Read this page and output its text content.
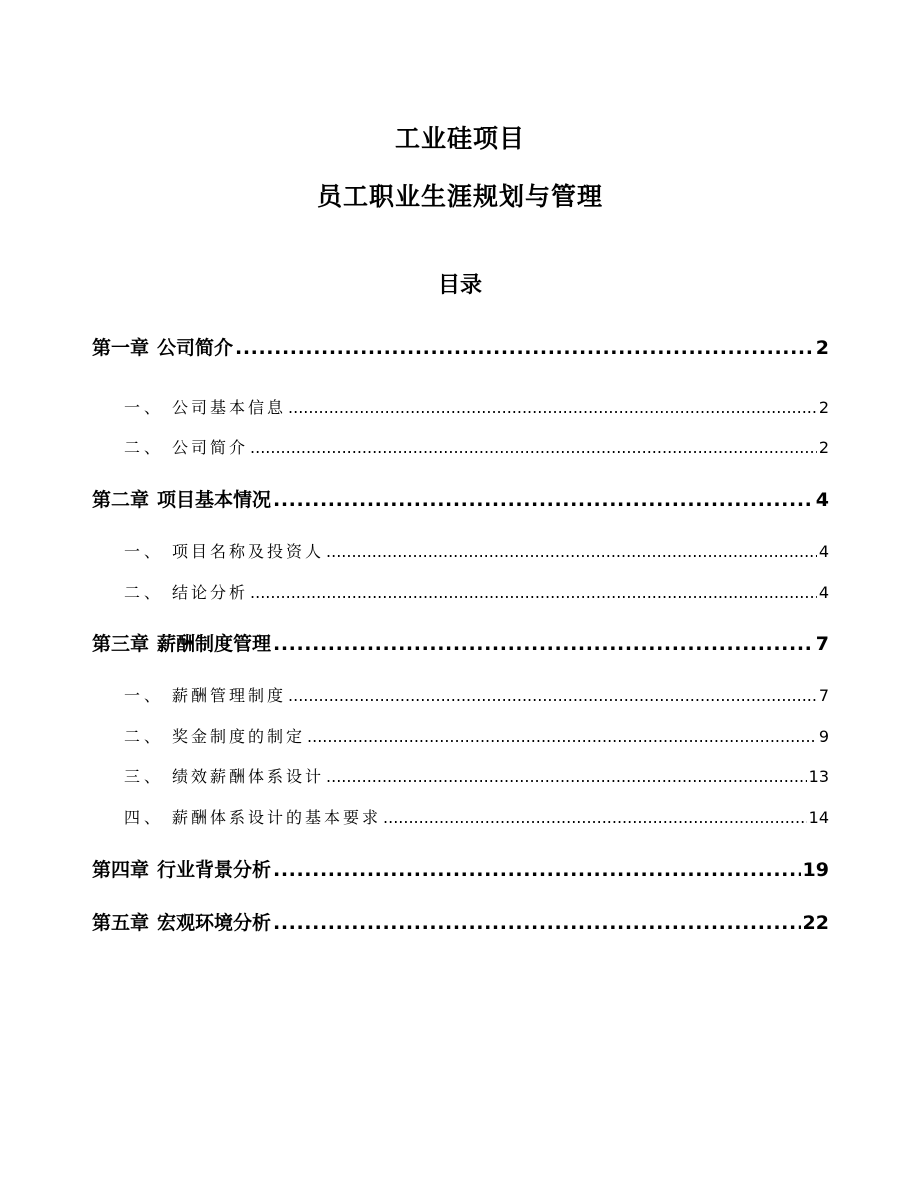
工业硅项目
员工职业生涯规划与管理
目录
第一章 公司简介 .....	2
一、 公司基本信息 .....	2
二、 公司简介 .....	2
第二章 项目基本情况 .....	4
一、 项目名称及投资人 .....	4
二、 结论分析 .....	4
第三章 薪酬制度管理 .....	7
一、 薪酬管理制度 .....	7
二、 奖金制度的制定 .....	9
三、 绩效薪酬体系设计 .....	13
四、 薪酬体系设计的基本要求 .....	14
第四章 行业背景分析 .....	19
第五章 宏观环境分析 .....	22
